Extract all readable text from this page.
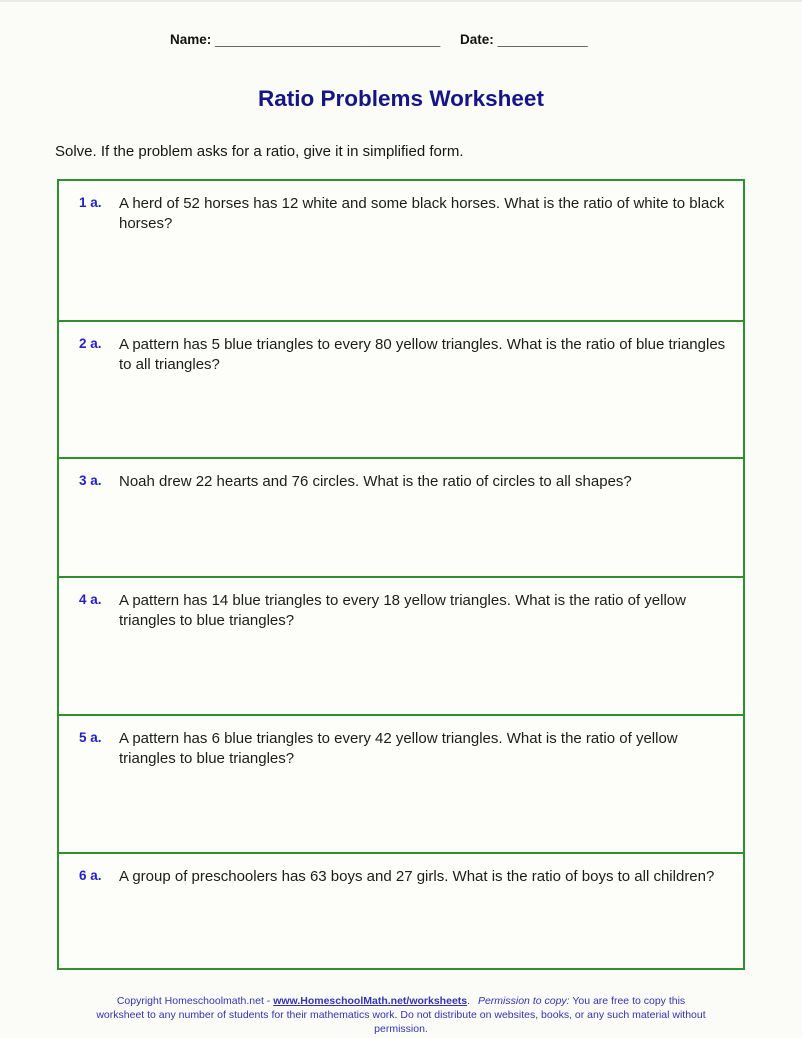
Name: ______________________________ Date: ____________
Ratio Problems Worksheet
Solve. If the problem asks for a ratio, give it in simplified form.
1 a.	A herd of 52 horses has 12 white and some black horses. What is the ratio of white to black horses?
2 a.	A pattern has 5 blue triangles to every 80 yellow triangles. What is the ratio of blue triangles to all triangles?
3 a.	Noah drew 22 hearts and 76 circles. What is the ratio of circles to all shapes?
4 a.	A pattern has 14 blue triangles to every 18 yellow triangles. What is the ratio of yellow triangles to blue triangles?
5 a.	A pattern has 6 blue triangles to every 42 yellow triangles. What is the ratio of yellow triangles to blue triangles?
6 a.	A group of preschoolers has 63 boys and 27 girls. What is the ratio of boys to all children?
Copyright Homeschoolmath.net - www.HomeschoolMath.net/worksheets. Permission to copy: You are free to copy this worksheet to any number of students for their mathematics work. Do not distribute on websites, books, or any such material without permission.
